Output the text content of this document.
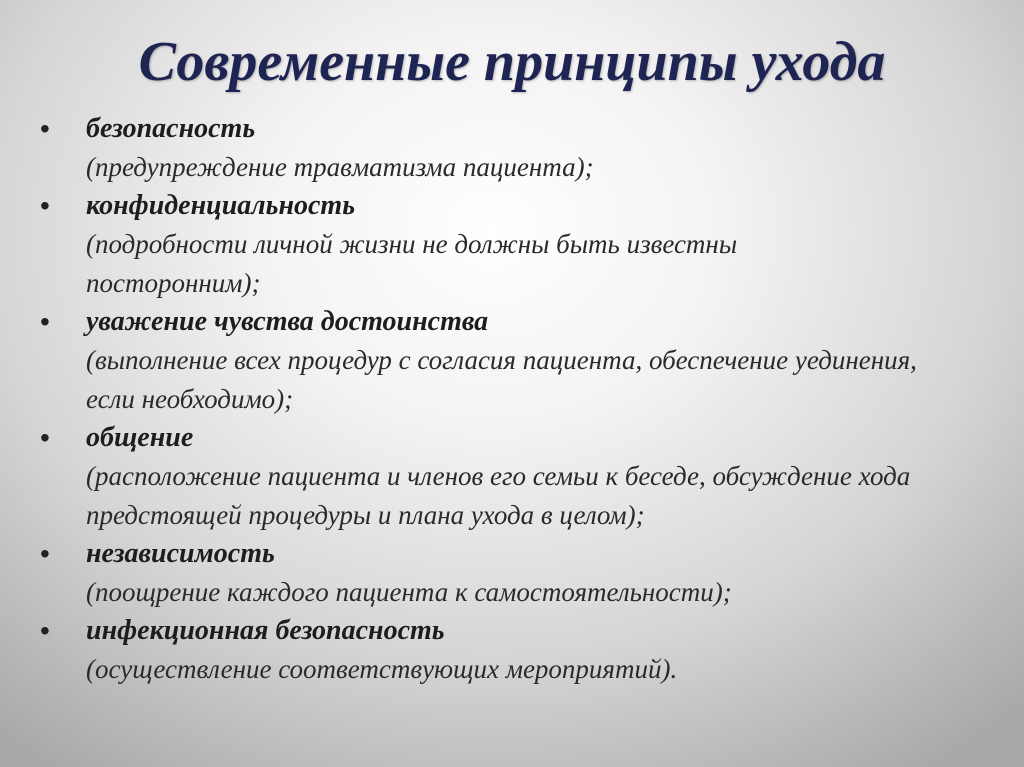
Современные принципы ухода
• безопасность
(предупреждение травматизма пациента);
• конфиденциальность
(подробности личной жизни не должны быть известны посторонним);
• уважение чувства достоинства
(выполнение всех процедур с согласия пациента, обеспечение уединения, если необходимо);
• общение
(расположение пациента и членов его семьи к беседе, обсуждение хода предстоящей процедуры и плана ухода в целом);
• независимость
(поощрение каждого пациента к самостоятельности);
• инфекционная безопасность
(осуществление соответствующих мероприятий).
